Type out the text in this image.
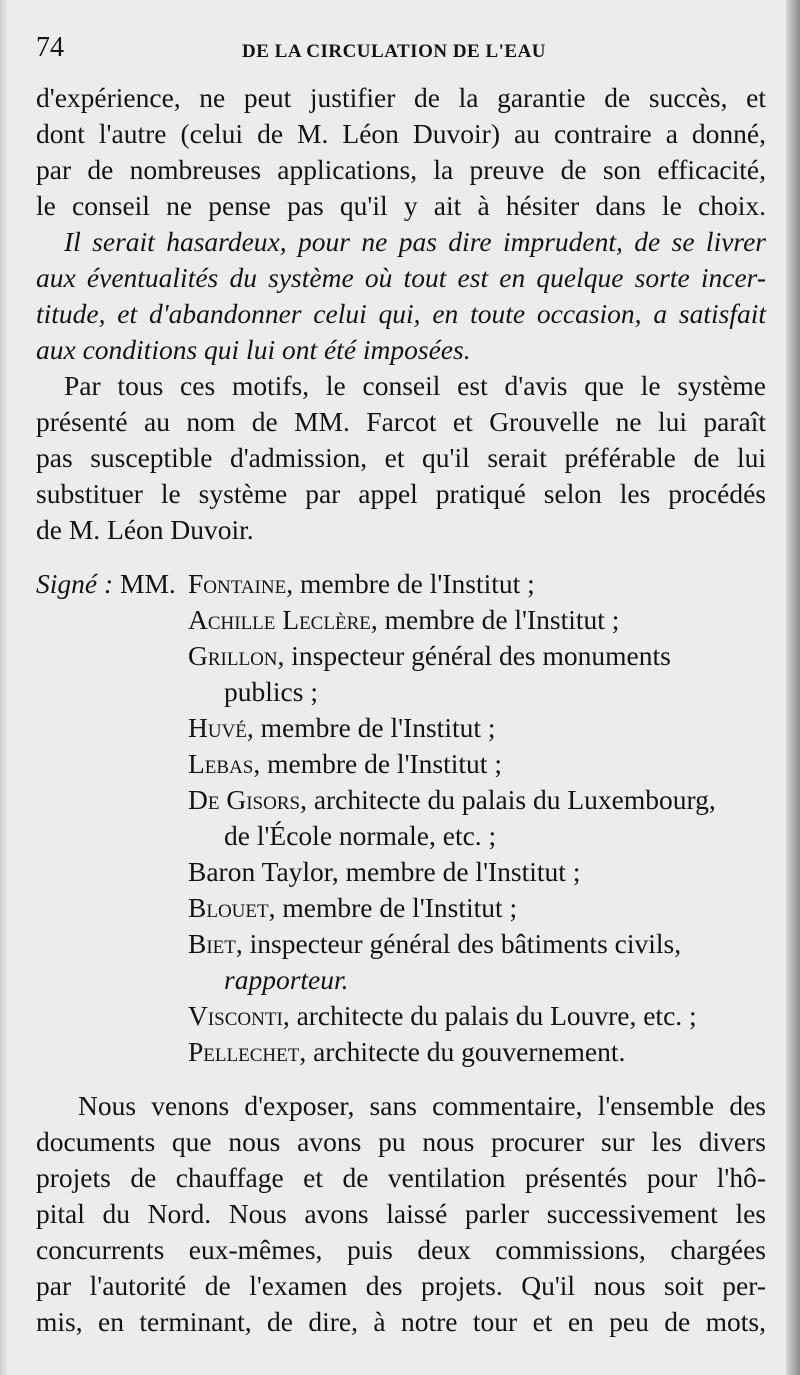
74	DE LA CIRCULATION DE L'EAU
d'expérience, ne peut justifier de la garantie de succès, et
dont l'autre (celui de M. Léon Duvoir) au contraire a donné,
par de nombreuses applications, la preuve de son efficacité,
le conseil ne pense pas qu'il y ait à hésiter dans le choix.
Il serait hasardeux, pour ne pas dire imprudent, de se livrer
aux éventualités du système où tout est en quelque sorte incer-
titude, et d'abandonner celui qui, en toute occasion, a satisfait
aux conditions qui lui ont été imposées.
Par tous ces motifs, le conseil est d'avis que le système
présenté au nom de MM. Farcot et Grouvelle ne lui paraît
pas susceptible d'admission, et qu'il serait préférable de lui
substituer le système par appel pratiqué selon les procédés
de M. Léon Duvoir.
Signé : MM. Fontaine, membre de l'Institut ;
Achille Leclère, membre de l'Institut ;
Grillon, inspecteur général des monuments
publics ;
Huvé, membre de l'Institut ;
Lebas, membre de l'Institut ;
De Gisors, architecte du palais du Luxembourg,
de l'École normale, etc. ;
Baron Taylor, membre de l'Institut ;
Blouet, membre de l'Institut ;
Biet, inspecteur général des bâtiments civils,
rapporteur.
Visconti, architecte du palais du Louvre, etc. ;
Pellechet, architecte du gouvernement.
Nous venons d'exposer, sans commentaire, l'ensemble des
documents que nous avons pu nous procurer sur les divers
projets de chauffage et de ventilation présentés pour l'hô-
pital du Nord. Nous avons laissé parler successivement les
concurrents eux-mêmes, puis deux commissions, chargées
par l'autorité de l'examen des projets. Qu'il nous soit per-
mis, en terminant, de dire, à notre tour et en peu de mots,
